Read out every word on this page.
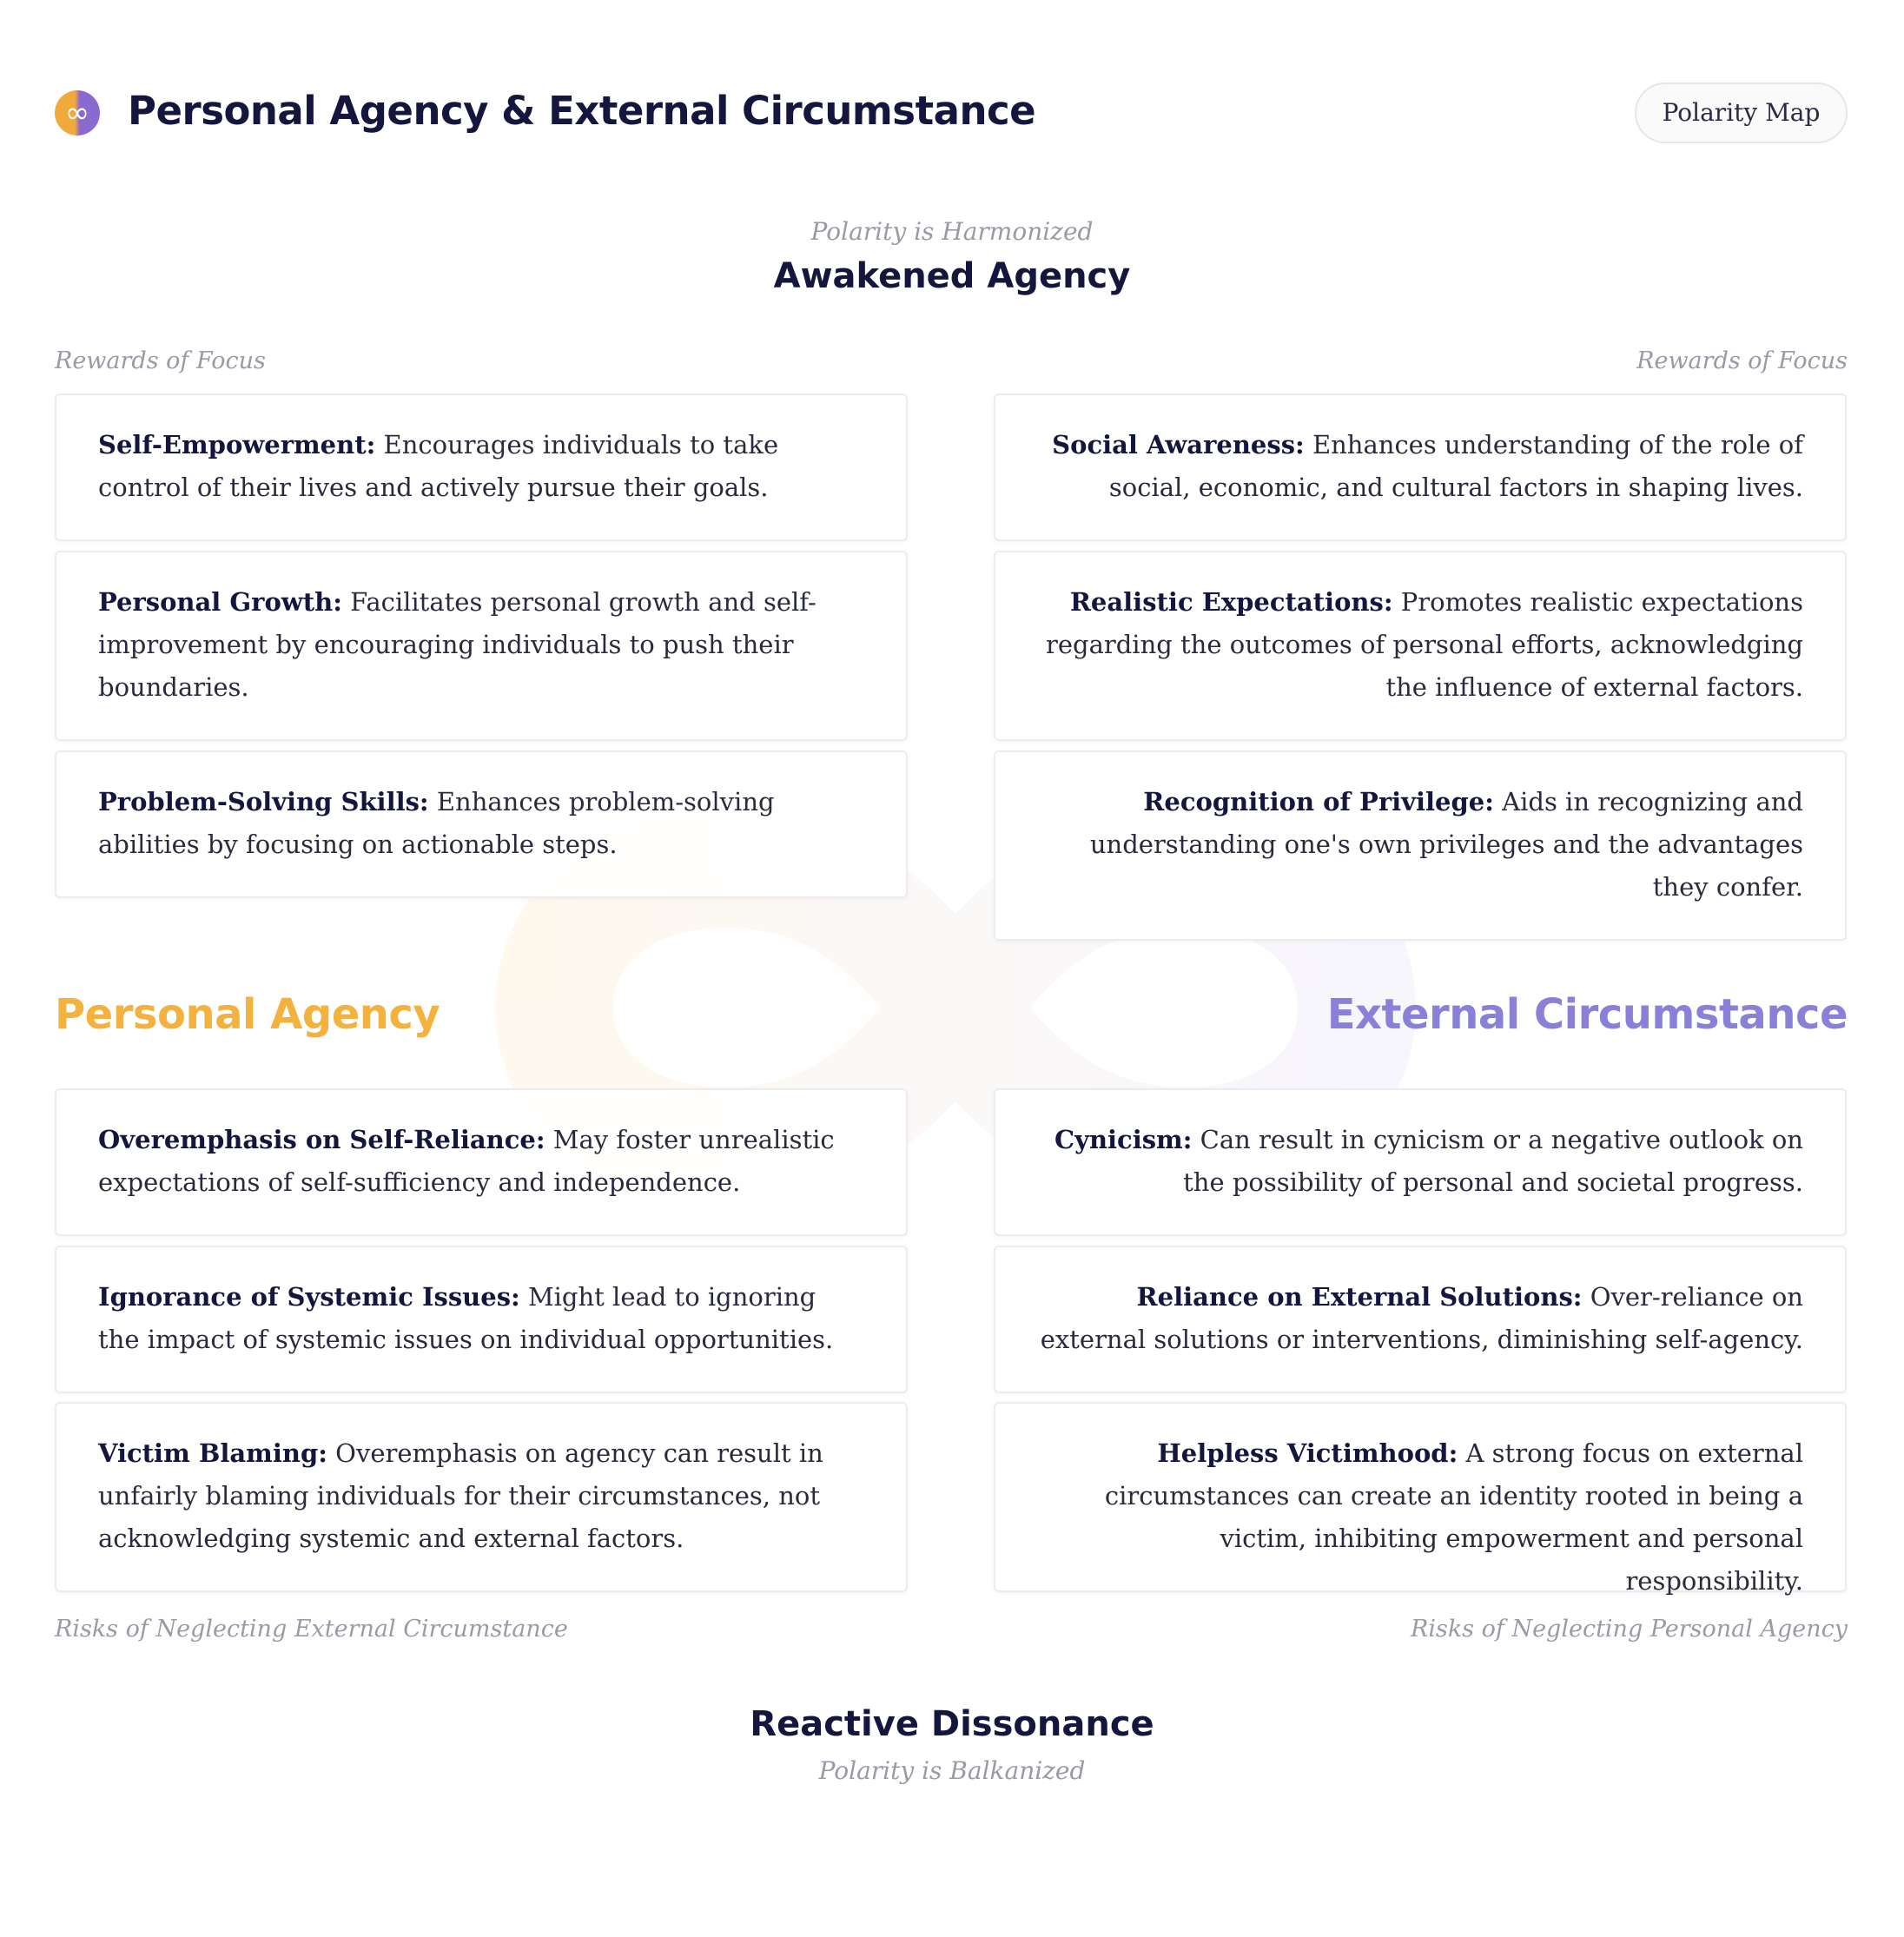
∞ Personal Agency & External Circumstance	Polarity Map
Polarity is Harmonized
Awakened Agency
Rewards of Focus	Rewards of Focus
Self-Empowerment: Encourages individuals to take control of their lives and actively pursue their goals.
Personal Growth: Facilitates personal growth and self-improvement by encouraging individuals to push their boundaries.
Problem-Solving Skills: Enhances problem-solving abilities by focusing on actionable steps.
Social Awareness: Enhances understanding of the role of social, economic, and cultural factors in shaping lives.
Realistic Expectations: Promotes realistic expectations regarding the outcomes of personal efforts, acknowledging the influence of external factors.
Recognition of Privilege: Aids in recognizing and understanding one's own privileges and the advantages they confer.
Personal Agency	External Circumstance
Overemphasis on Self-Reliance: May foster unrealistic expectations of self-sufficiency and independence.
Ignorance of Systemic Issues: Might lead to ignoring the impact of systemic issues on individual opportunities.
Victim Blaming: Overemphasis on agency can result in unfairly blaming individuals for their circumstances, not acknowledging systemic and external factors.
Cynicism: Can result in cynicism or a negative outlook on the possibility of personal and societal progress.
Reliance on External Solutions: Over-reliance on external solutions or interventions, diminishing self-agency.
Helpless Victimhood: A strong focus on external circumstances can create an identity rooted in being a victim, inhibiting empowerment and personal responsibility.
Risks of Neglecting External Circumstance	Risks of Neglecting Personal Agency
Reactive Dissonance
Polarity is Balkanized
